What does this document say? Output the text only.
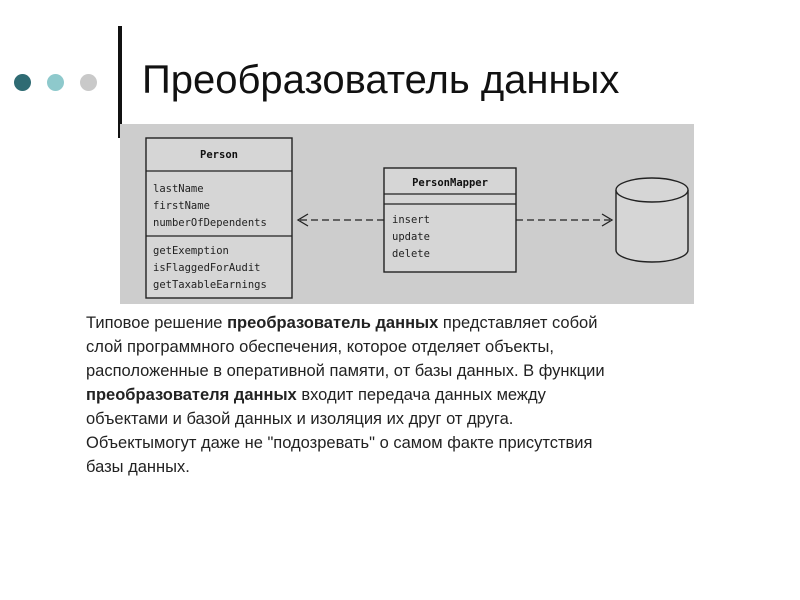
Преобразователь данных
Person
lastName
firstName
numberOfDependents
getExemption
isFlaggedForAudit
getTaxableEarnings
PersonMapper
insert
update
delete
Типовое решение преобразователь данных представляет собой
слой программного обеспечения, которое отделяет объекты,
расположенные в оперативной памяти, от базы данных. В функции
преобразователя данных входит передача данных между
объектами и базой данных и изоляция их друг от друга.
Объектымогут даже не "подозревать" о самом факте присутствия
базы данных.
